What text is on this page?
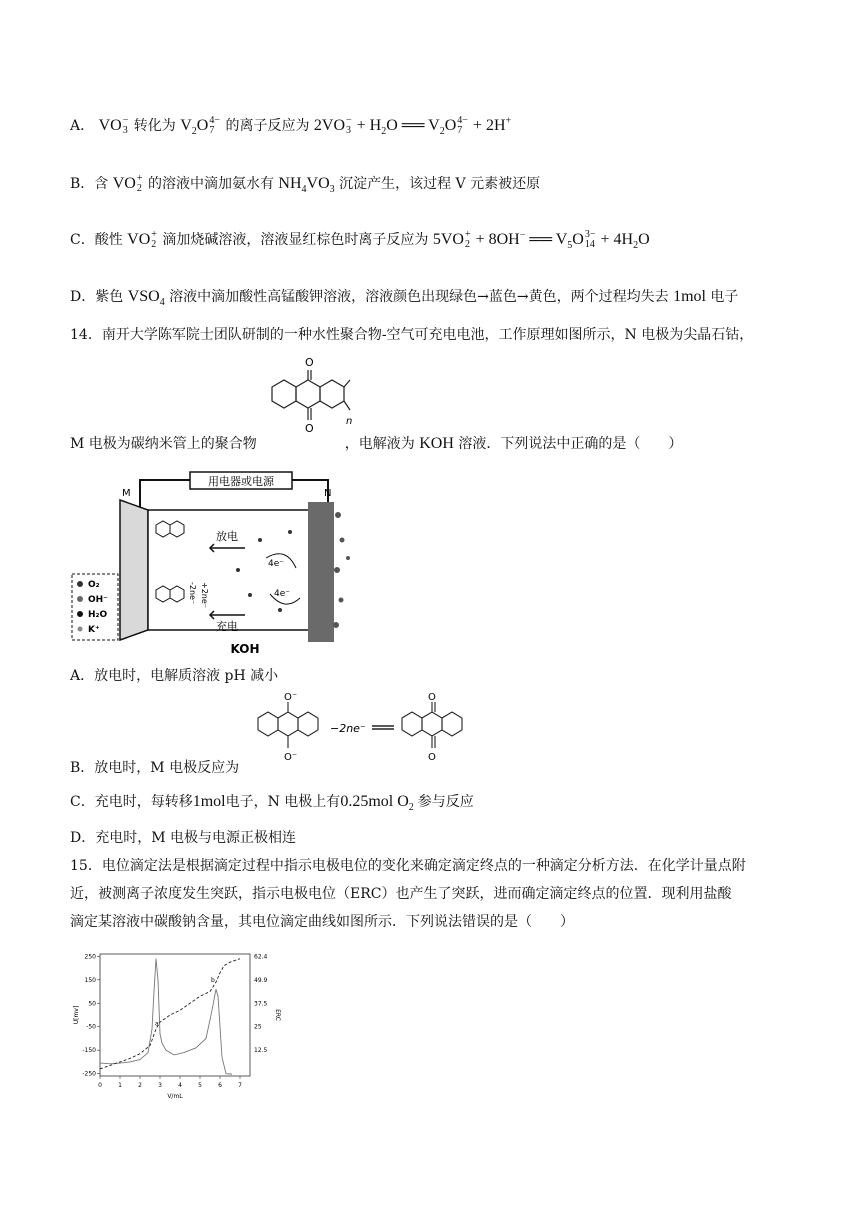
A． VO −
3 转化为 $V_2O$ 4−
7 的离子反应为 2VO −
$3 + H_2O$ ══ $V_2O$ 4−
7 + 2H+
B．含 VO +
2 的溶液中滴加氨水有 $NH_4VO_3$ 沉淀产生，该过程 V 元素被还原
C．酸性 VO +
2 滴加烧碱溶液，溶液显红棕色时离子反应为 5VO +
2 + 8OH− ══ $V_5O$ 3−
$14 + 4H_2O$
D．紫色 $VSO_4$ 溶液中滴加酸性高锰酸钾溶液，溶液颜色出现绿色→蓝色→黄色，两个过程均失去 1mol 电子
14．南开大学陈军院士团队研制的一种水性聚合物-空气可充电电池，工作原理如图所示，N 电极为尖晶石钴，
O
O
n
M 电极为碳纳米管上的聚合物	，电解液为 KOH 溶液．下列说法中正确的是（　　）
用电器或电源
M	N
-2ne⁻ +2ne⁻
放电
充电
4e⁻
4e⁻
KOH
O₂
OH⁻
H₂O
K⁺
A．放电时，电解质溶液 pH 减小
O⁻
O⁻
O
O
−2ne⁻
B．放电时，M 电极反应为
C．充电时，每转移1mol电子，N 电极上有0.25mol $O_2$ 参与反应
D．充电时，M 电极与电源正极相连
15．电位滴定法是根据滴定过程中指示电极电位的变化来确定滴定终点的一种滴定分析方法．在化学计量点附
近，被测离子浓度发生突跃，指示电极电位（ERC）也产生了突跃，进而确定滴定终点的位置．现利用盐酸
滴定某溶液中碳酸钠含量，其电位滴定曲线如图所示．下列说法错误的是（　　）
0	1	2	3	4	5	6	7
-250
-150
-50
50
150
250
12.5
25
37.5
49.9
62.4
V/mL
U[mv]	ERC
a
b
